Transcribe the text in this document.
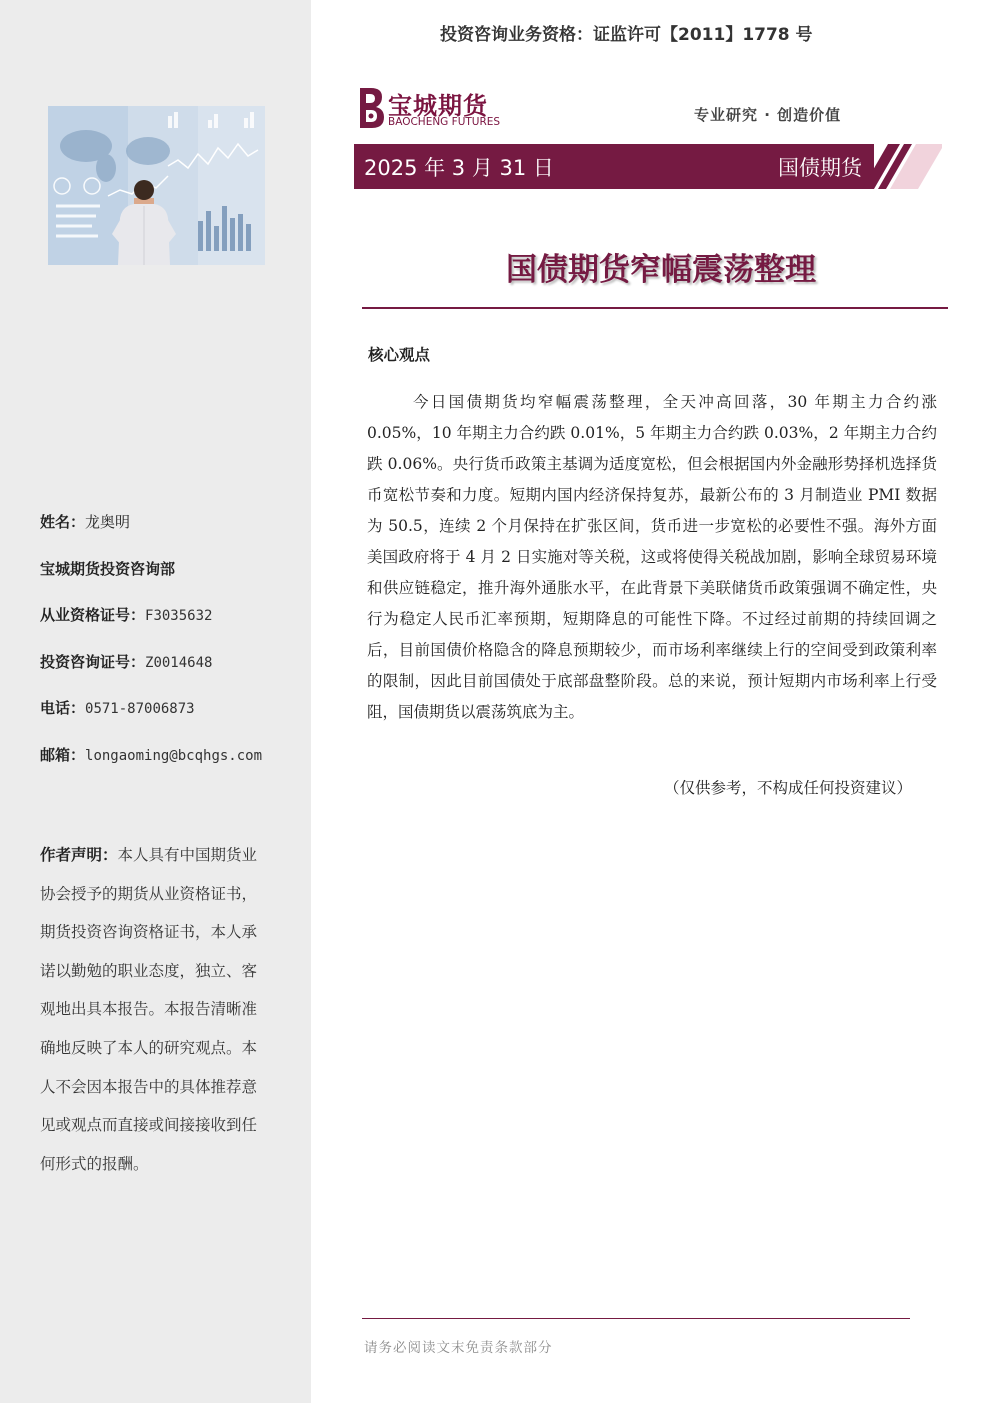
姓名：龙奥明
宝城期货投资咨询部
从业资格证号：F3035632
投资咨询证号：Z0014648
电话：0571-87006873
邮箱：longaoming@bcqhgs.com
作者声明：本人具有中国期货业协会授予的期货从业资格证书，期货投资咨询资格证书，本人承诺以勤勉的职业态度，独立、客观地出具本报告。本报告清晰准确地反映了本人的研究观点。本人不会因本报告中的具体推荐意见或观点而直接或间接接收到任何形式的报酬。
投资咨询业务资格：证监许可【2011】1778 号
宝城期货
BAOCHENG FUTURES	专业研究 · 创造价值
2025 年 3 月 31 日	国债期货
国债期货窄幅震荡整理
核心观点

今日国债期货均窄幅震荡整理，全天冲高回落，30 年期主力合约涨 0.05%，10 年期主力合约跌 0.01%，5 年期主力合约跌 0.03%，2 年期主力合约跌 0.06%。央行货币政策主基调为适度宽松，但会根据国内外金融形势择机选择货币宽松节奏和力度。短期内国内经济保持复苏，最新公布的 3 月制造业 PMI 数据为 50.5，连续 2 个月保持在扩张区间，货币进一步宽松的必要性不强。海外方面美国政府将于 4 月 2 日实施对等关税，这或将使得关税战加剧，影响全球贸易环境和供应链稳定，推升海外通胀水平，在此背景下美联储货币政策强调不确定性，央行为稳定人民币汇率预期，短期降息的可能性下降。不过经过前期的持续回调之后，目前国债价格隐含的降息预期较少，而市场利率继续上行的空间受到政策利率的限制，因此目前国债处于底部盘整阶段。总的来说，预计短期内市场利率上行受阻，国债期货以震荡筑底为主。

（仅供参考，不构成任何投资建议）
请务必阅读文末免责条款部分
